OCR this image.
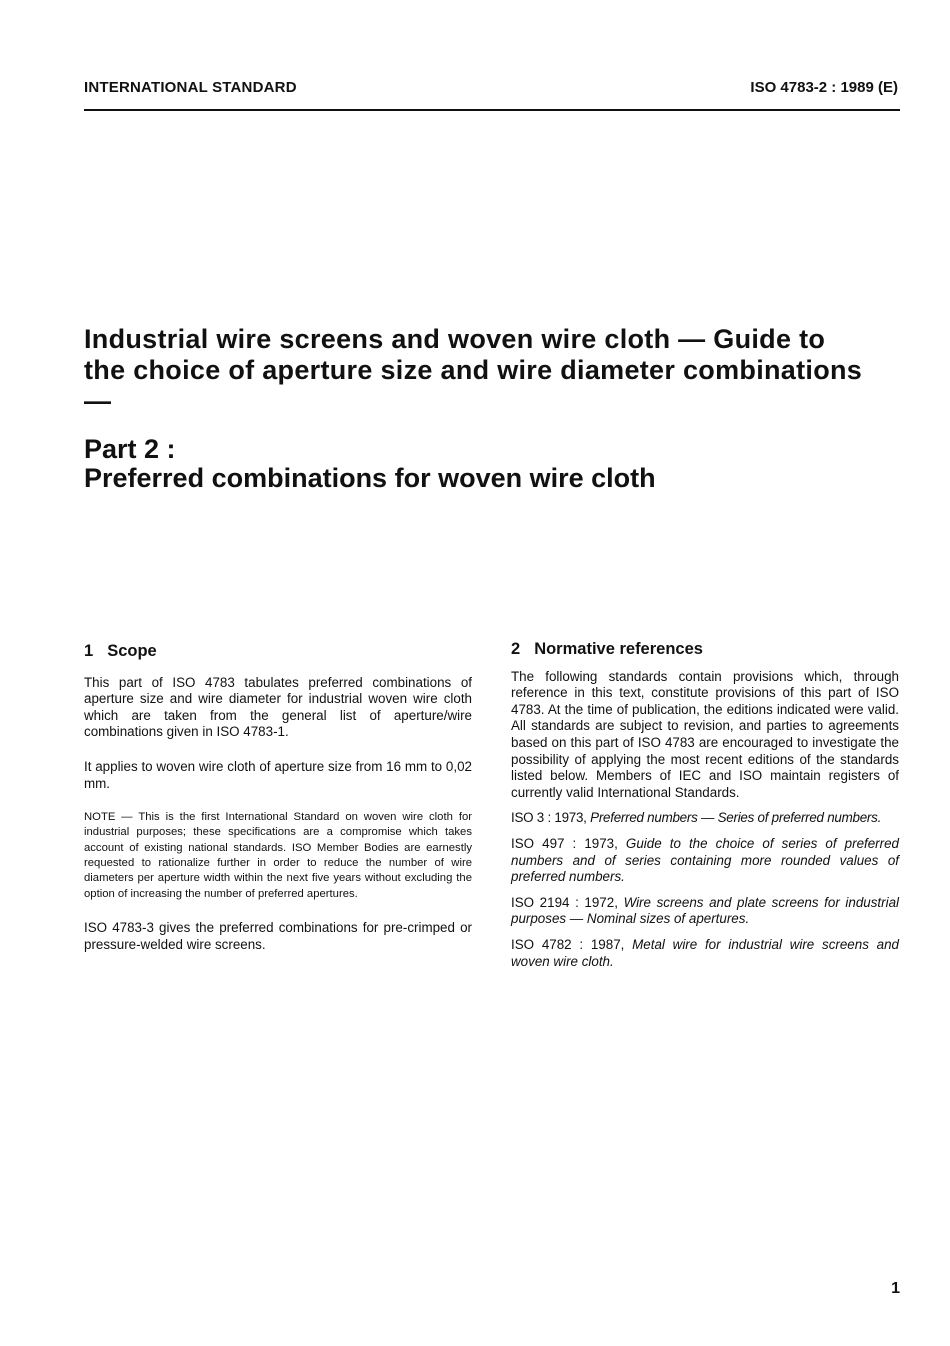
INTERNATIONAL STANDARD	ISO 4783-2 : 1989 (E)
Industrial wire screens and woven wire cloth — Guide to the choice of aperture size and wire diameter combinations —
Part 2 :
Preferred combinations for woven wire cloth
1 Scope

This part of ISO 4783 tabulates preferred combinations of aperture size and wire diameter for industrial woven wire cloth which are taken from the general list of aperture/wire combinations given in ISO 4783-1.

It applies to woven wire cloth of aperture size from 16 mm to 0,02 mm.

NOTE — This is the first International Standard on woven wire cloth for industrial purposes; these specifications are a compromise which takes account of existing national standards. ISO Member Bodies are earnestly requested to rationalize further in order to reduce the number of wire diameters per aperture width within the next five years without excluding the option of increasing the number of preferred apertures.

ISO 4783-3 gives the preferred combinations for pre-crimped or pressure-welded wire screens.

2 Normative references

The following standards contain provisions which, through reference in this text, constitute provisions of this part of ISO 4783. At the time of publication, the editions indicated were valid. All standards are subject to revision, and parties to agreements based on this part of ISO 4783 are encouraged to investigate the possibility of applying the most recent editions of the standards listed below. Members of IEC and ISO maintain registers of currently valid International Standards.

ISO 3 : 1973, Preferred numbers — Series of preferred numbers.

ISO 497 : 1973, Guide to the choice of series of preferred numbers and of series containing more rounded values of preferred numbers.

ISO 2194 : 1972, Wire screens and plate screens for industrial purposes — Nominal sizes of apertures.

ISO 4782 : 1987, Metal wire for industrial wire screens and woven wire cloth.

1
